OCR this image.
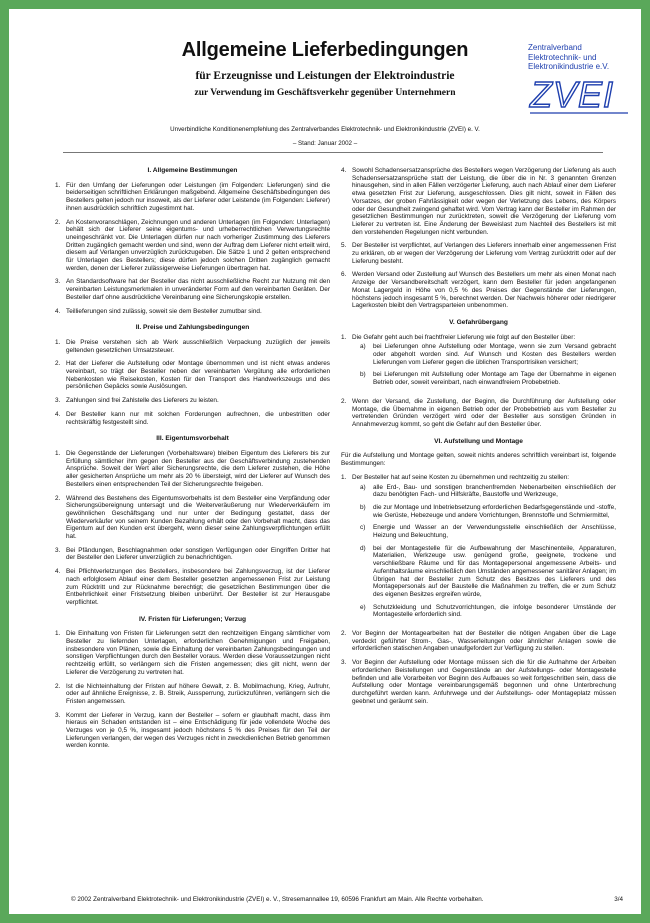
Allgemeine Lieferbedingungen
für Erzeugnisse und Leistungen der Elektroindustrie
zur Verwendung im Geschäftsverkehr gegenüber Unternehmern
Zentralverband
Elektrotechnik- und
Elektronikindustrie e.V.
ZVEI
Unverbindliche Konditionenempfehlung des Zentralverbandes Elektrotechnik- und Elektronikindustrie (ZVEI) e. V.
– Stand: Januar 2002 –
I. Allgemeine Bestimmungen
1. Für den Umfang der Lieferungen oder Leistungen (im Folgenden: Lieferungen) sind die beiderseitigen schriftlichen Erklärungen maßgebend. Allgemeine Geschäftsbedingungen des Bestellers gelten jedoch nur insoweit, als der Lieferer oder Leistende (im Folgenden: Lieferer) ihnen ausdrücklich schriftlich zugestimmt hat.
2. An Kostenvoranschlägen, Zeichnungen und anderen Unterlagen (im Folgenden: Unterlagen) behält sich der Lieferer seine eigentums- und urheberrechtlichen Verwertungsrechte uneingeschränkt vor. Die Unterlagen dürfen nur nach vorheriger Zustimmung des Lieferers Dritten zugänglich gemacht werden und sind, wenn der Auftrag dem Lieferer nicht erteilt wird, diesem auf Verlangen unverzüglich zurückzugeben. Die Sätze 1 und 2 gelten entsprechend für Unterlagen des Bestellers; diese dürfen jedoch solchen Dritten zugänglich gemacht werden, denen der Lieferer zulässigerweise Lieferungen übertragen hat.
3. An Standardsoftware hat der Besteller das nicht ausschließliche Recht zur Nutzung mit den vereinbarten Leistungsmerkmalen in unveränderter Form auf den vereinbarten Geräten. Der Besteller darf ohne ausdrückliche Vereinbarung eine Sicherungskopie erstellen.
4. Teillieferungen sind zulässig, soweit sie dem Besteller zumutbar sind.
II. Preise und Zahlungsbedingungen
1. Die Preise verstehen sich ab Werk ausschließlich Verpackung zuzüglich der jeweils geltenden gesetzlichen Umsatzsteuer.
2. Hat der Lieferer die Aufstellung oder Montage übernommen und ist nicht etwas anderes vereinbart, so trägt der Besteller neben der vereinbarten Vergütung alle erforderlichen Nebenkosten wie Reisekosten, Kosten für den Transport des Handwerkszeugs und des persönlichen Gepäcks sowie Auslösungen.
3. Zahlungen sind frei Zahlstelle des Lieferers zu leisten.
4. Der Besteller kann nur mit solchen Forderungen aufrechnen, die unbestritten oder rechtskräftig festgestellt sind.
III. Eigentumsvorbehalt
1. Die Gegenstände der Lieferungen (Vorbehaltsware) bleiben Eigentum des Lieferers bis zur Erfüllung sämtlicher ihm gegen den Besteller aus der Geschäftsverbindung zustehenden Ansprüche. Soweit der Wert aller Sicherungsrechte, die dem Lieferer zustehen, die Höhe aller gesicherten Ansprüche um mehr als 20 % übersteigt, wird der Lieferer auf Wunsch des Bestellers einen entsprechenden Teil der Sicherungsrechte freigeben.
2. Während des Bestehens des Eigentumsvorbehalts ist dem Besteller eine Verpfändung oder Sicherungsübereignung untersagt und die Weiterveräußerung nur Wiederverkäufern im gewöhnlichen Geschäftsgang und nur unter der Bedingung gestattet, dass der Wiederverkäufer von seinem Kunden Bezahlung erhält oder den Vorbehalt macht, dass das Eigentum auf den Kunden erst übergeht, wenn dieser seine Zahlungsverpflichtungen erfüllt hat.
3. Bei Pfändungen, Beschlagnahmen oder sonstigen Verfügungen oder Eingriffen Dritter hat der Besteller den Lieferer unverzüglich zu benachrichtigen.
4. Bei Pflichtverletzungen des Bestellers, insbesondere bei Zahlungsverzug, ist der Lieferer nach erfolglosem Ablauf einer dem Besteller gesetzten angemessenen Frist zur Leistung zum Rücktritt und zur Rücknahme berechtigt; die gesetzlichen Bestimmungen über die Entbehrlichkeit einer Fristsetzung bleiben unberührt. Der Besteller ist zur Herausgabe verpflichtet.
IV. Fristen für Lieferungen; Verzug
1. Die Einhaltung von Fristen für Lieferungen setzt den rechtzeitigen Eingang sämtlicher vom Besteller zu liefernden Unterlagen, erforderlichen Genehmigungen und Freigaben, insbesondere von Plänen, sowie die Einhaltung der vereinbarten Zahlungsbedingungen und sonstigen Verpflichtungen durch den Besteller voraus. Werden diese Voraussetzungen nicht rechtzeitig erfüllt, so verlängern sich die Fristen angemessen; dies gilt nicht, wenn der Lieferer die Verzögerung zu vertreten hat.
2. Ist die Nichteinhaltung der Fristen auf höhere Gewalt, z. B. Mobilmachung, Krieg, Aufruhr, oder auf ähnliche Ereignisse, z. B. Streik, Aussperrung, zurückzuführen, verlängern sich die Fristen angemessen.
3. Kommt der Lieferer in Verzug, kann der Besteller – sofern er glaubhaft macht, dass ihm hieraus ein Schaden entstanden ist – eine Entschädigung für jede vollendete Woche des Verzuges von je 0,5 %, insgesamt jedoch höchstens 5 % des Preises für den Teil der Lieferungen verlangen, der wegen des Verzuges nicht in zweckdienlichen Betrieb genommen werden konnte.
4. Sowohl Schadensersatzansprüche des Bestellers wegen Verzögerung der Lieferung als auch Schadensersatzansprüche statt der Leistung, die über die in Nr. 3 genannten Grenzen hinausgehen, sind in allen Fällen verzögerter Lieferung, auch nach Ablauf einer dem Lieferer etwa gesetzten Frist zur Lieferung, ausgeschlossen. Dies gilt nicht, soweit in Fällen des Vorsatzes, der groben Fahrlässigkeit oder wegen der Verletzung des Lebens, des Körpers oder der Gesundheit zwingend gehaftet wird. Vom Vertrag kann der Besteller im Rahmen der gesetzlichen Bestimmungen nur zurücktreten, soweit die Verzögerung der Lieferung vom Lieferer zu vertreten ist. Eine Änderung der Beweislast zum Nachteil des Bestellers ist mit den vorstehenden Regelungen nicht verbunden.
5. Der Besteller ist verpflichtet, auf Verlangen des Lieferers innerhalb einer angemessenen Frist zu erklären, ob er wegen der Verzögerung der Lieferung vom Vertrag zurücktritt oder auf der Lieferung besteht.
6. Werden Versand oder Zustellung auf Wunsch des Bestellers um mehr als einen Monat nach Anzeige der Versandbereitschaft verzögert, kann dem Besteller für jeden angefangenen Monat Lagergeld in Höhe von 0,5 % des Preises der Gegenstände der Lieferungen, höchstens jedoch insgesamt 5 %, berechnet werden. Der Nachweis höherer oder niedrigerer Lagerkosten bleibt den Vertragsparteien unbenommen.
V. Gefahrübergang
1. Die Gefahr geht auch bei frachtfreier Lieferung wie folgt auf den Besteller über:
a)	bei Lieferungen ohne Aufstellung oder Montage, wenn sie zum Versand gebracht oder abgeholt worden sind. Auf Wunsch und Kosten des Bestellers werden Lieferungen vom Lieferer gegen die üblichen Transportrisiken versichert;
b)	bei Lieferungen mit Aufstellung oder Montage am Tage der Übernahme in eigenen Betrieb oder, soweit vereinbart, nach einwandfreiem Probebetrieb.
2. Wenn der Versand, die Zustellung, der Beginn, die Durchführung der Aufstellung oder Montage, die Übernahme in eigenen Betrieb oder der Probebetrieb aus vom Besteller zu vertretenden Gründen verzögert wird oder der Besteller aus sonstigen Gründen in Annahmeverzug kommt, so geht die Gefahr auf den Besteller über.
VI. Aufstellung und Montage
Für die Aufstellung und Montage gelten, soweit nichts anderes schriftlich vereinbart ist, folgende Bestimmungen:
1. Der Besteller hat auf seine Kosten zu übernehmen und rechtzeitig zu stellen:
a)	alle Erd-, Bau- und sonstigen branchenfremden Nebenarbeiten einschließlich der dazu benötigten Fach- und Hilfskräfte, Baustoffe und Werkzeuge,
b)	die zur Montage und Inbetriebsetzung erforderlichen Bedarfsgegenstände und -stoffe, wie Gerüste, Hebezeuge und andere Vorrichtungen, Brennstoffe und Schmiermittel,
c)	Energie und Wasser an der Verwendungsstelle einschließlich der Anschlüsse, Heizung und Beleuchtung,
d)	bei der Montagestelle für die Aufbewahrung der Maschinenteile, Apparaturen, Materialien, Werkzeuge usw. genügend große, geeignete, trockene und verschließbare Räume und für das Montagepersonal angemessene Arbeits- und Aufenthaltsräume einschließlich den Umständen angemessener sanitärer Anlagen; im Übrigen hat der Besteller zum Schutz des Besitzes des Lieferers und des Montagepersonals auf der Baustelle die Maßnahmen zu treffen, die er zum Schutz des eigenen Besitzes ergreifen würde,
e)	Schutzkleidung und Schutzvorrichtungen, die infolge besonderer Umstände der Montagestelle erforderlich sind.
2. Vor Beginn der Montagearbeiten hat der Besteller die nötigen Angaben über die Lage verdeckt geführter Strom-, Gas-, Wasserleitungen oder ähnlicher Anlagen sowie die erforderlichen statischen Angaben unaufgefordert zur Verfügung zu stellen.
3. Vor Beginn der Aufstellung oder Montage müssen sich die für die Aufnahme der Arbeiten erforderlichen Beistellungen und Gegenstände an der Aufstellungs- oder Montagestelle befinden und alle Vorarbeiten vor Beginn des Aufbaues so weit fortgeschritten sein, dass die Aufstellung oder Montage vereinbarungsgemäß begonnen und ohne Unterbrechung durchgeführt werden kann. Anfuhrwege und der Aufstellungs- oder Montageplatz müssen geebnet und geräumt sein.
© 2002 Zentralverband Elektrotechnik- und Elektronikindustrie (ZVEI) e. V., Stresemannallee 19, 60596 Frankfurt am Main. Alle Rechte vorbehalten.	3/4
